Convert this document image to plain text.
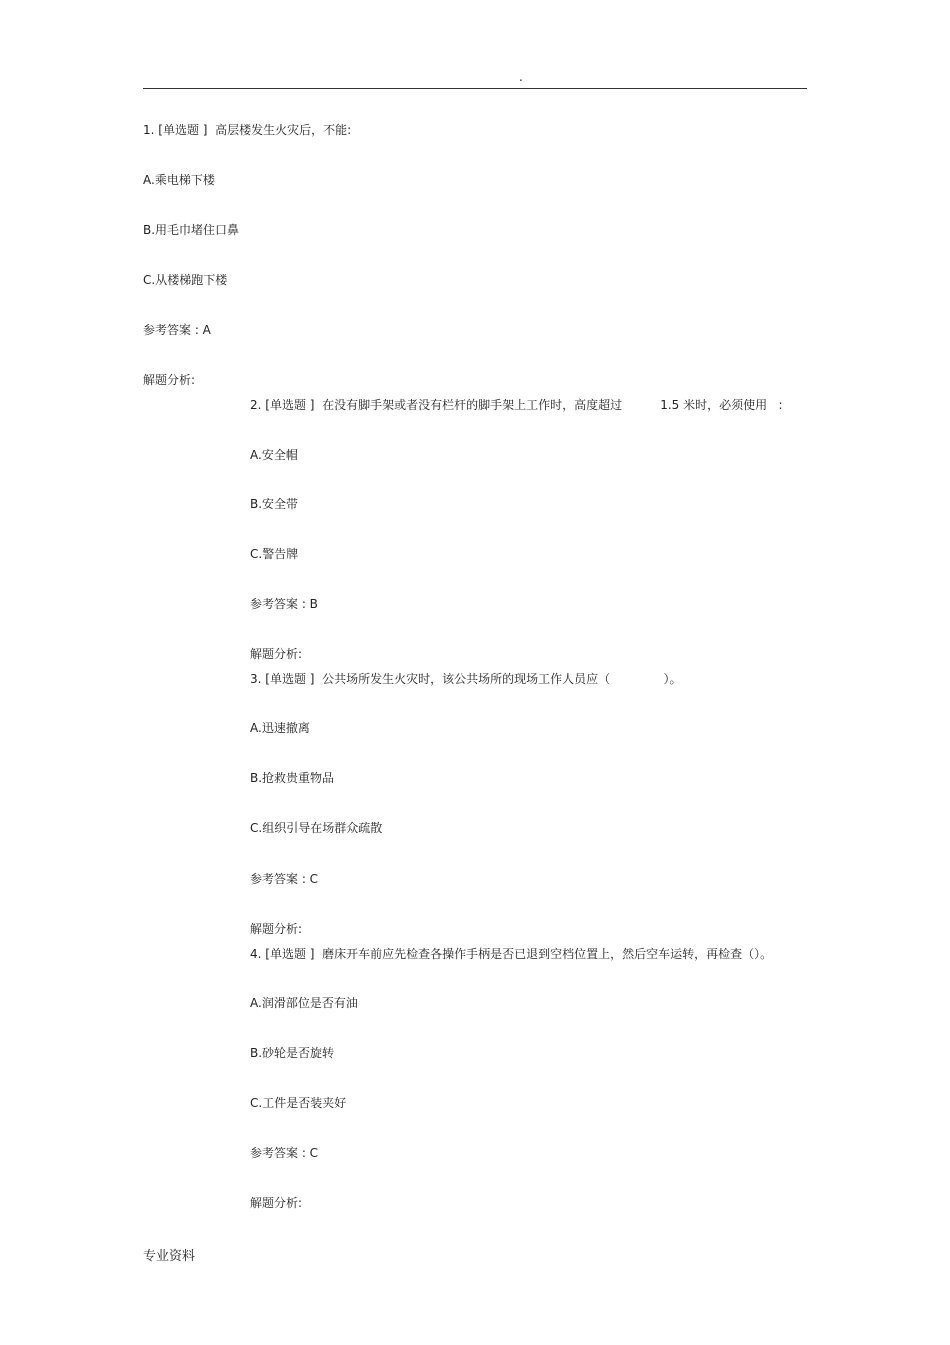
.
1. [单选题 ]  高层楼发生火灾后，不能:
A.乘电梯下楼
B.用毛巾堵住口鼻
C.从楼梯跑下楼
参考答案 : A
解题分析:
2. [单选题 ]  在没有脚手架或者没有栏杆的脚手架上工作时，高度超过          1.5 米时，必须使用   :
A.安全帽
B.安全带
C.警告牌
参考答案 : B
解题分析:
3. [单选题 ]  公共场所发生火灾时，该公共场所的现场工作人员应（              ）。
A.迅速撤离
B.抢救贵重物品
C.组织引导在场群众疏散
参考答案 : C
解题分析:
4. [单选题 ]  磨床开车前应先检查各操作手柄是否已退到空档位置上，然后空车运转，再检查（）。
A.润滑部位是否有油
B.砂轮是否旋转
C.工件是否装夹好
参考答案 : C
解题分析:
专业资料
